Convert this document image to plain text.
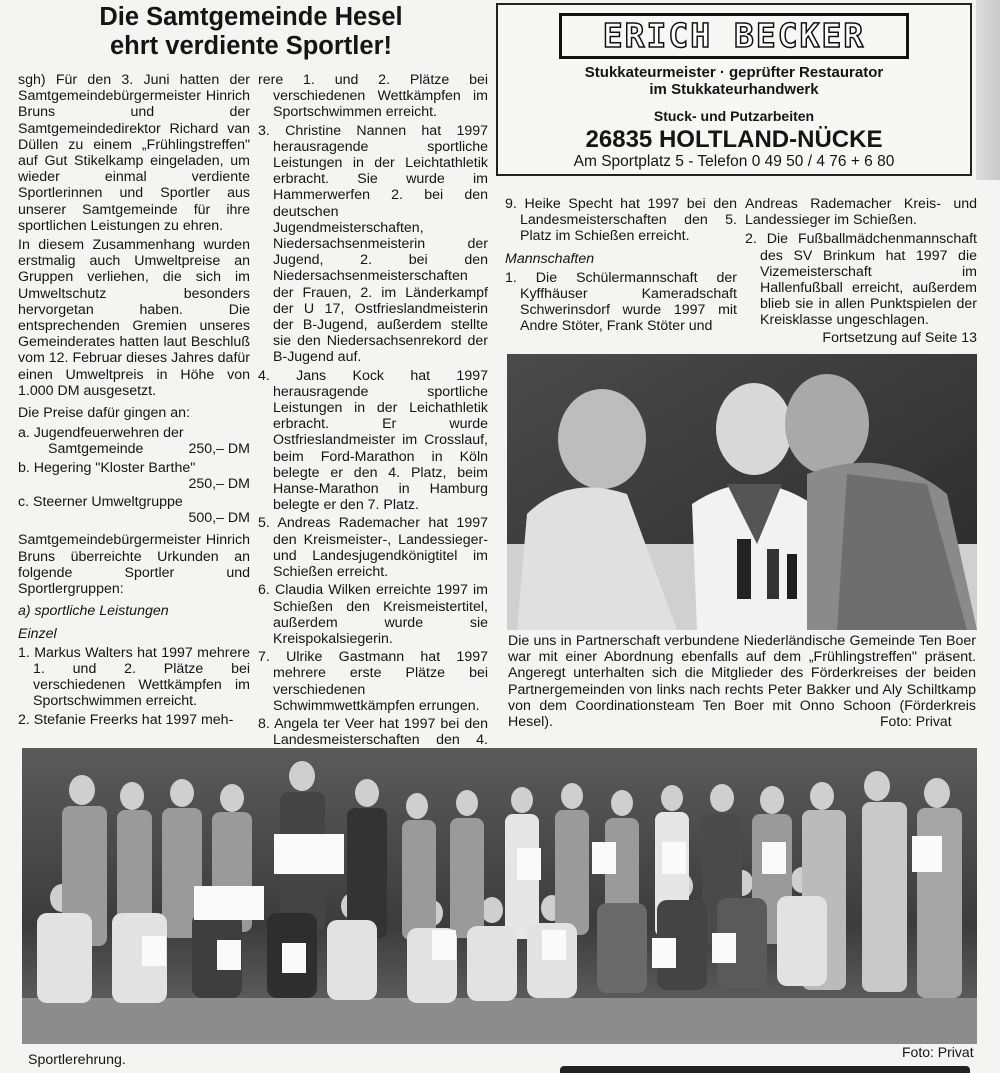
Die Samtgemeinde Hesel
ehrt verdiente Sportler!	ERICH BECKER
Stukkateurmeister · geprüfter Restaurator
im Stukkateurhandwerk
Stuck- und Putzarbeiten
26835 HOLTLAND-NÜCKE
Am Sportplatz 5 - Telefon 0 49 50 / 4 76 + 6 80

sgh) Für den 3. Juni hatten der Samtgemeindebürgermeister Hinrich Bruns und der Samtgemeindedirektor Richard van Düllen zu einem „Frühlingstreffen" auf Gut Stikelkamp eingeladen, um wieder einmal verdiente Sportlerinnen und Sportler aus unserer Samtgemeinde für ihre sportlichen Leistungen zu ehren.

In diesem Zusammenhang wurden erstmalig auch Umweltpreise an Gruppen verliehen, die sich im Umweltschutz besonders hervorgetan haben. Die entsprechenden Gremien unseres Gemeinderates hatten laut Beschluß vom 12. Februar dieses Jahres dafür einen Umweltpreis in Höhe von 1.000 DM ausgesetzt.

Die Preise dafür gingen an:

a. Jugendfeuerwehren der
Samtgemeinde	250,– DM
b. Hegering "Kloster Barthe"
250,– DM
c. Steerner Umweltgruppe
500,– DM

Samtgemeindebürgermeister Hinrich Bruns überreichte Urkunden an folgende Sportler und Sportlergruppen:

a) sportliche Leistungen

Einzel

1. Markus Walters hat 1997 mehrere 1. und 2. Plätze bei verschiedenen Wettkämpfen im Sportschwimmen erreicht.
2. Stefanie Freerks hat 1997 meh-
rere 1. und 2. Plätze bei verschiedenen Wettkämpfen im Sportschwimmen erreicht.
3. Christine Nannen hat 1997 herausragende sportliche Leistungen in der Leichtathletik erbracht. Sie wurde im Hammerwerfen 2. bei den deutschen Jugendmeisterschaften, Niedersachsenmeisterin der Jugend, 2. bei den Niedersachsenmeisterschaften der Frauen, 2. im Länderkampf der U 17, Ostfrieslandmeisterin der B-Jugend, außerdem stellte sie den Niedersachsenrekord der B-Jugend auf.
4. Jans Kock hat 1997 herausragende sportliche Leistungen in der Leichathletik erbracht. Er wurde Ostfrieslandmeister im Crosslauf, beim Ford-Marathon in Köln belegte er den 4. Platz, beim Hanse-Marathon in Hamburg belegte er den 7. Platz.
5. Andreas Rademacher hat 1997 den Kreismeister-, Landessieger- und Landesjugendkönigtitel im Schießen erreicht.
6. Claudia Wilken erreichte 1997 im Schießen den Kreismeistertitel, außerdem wurde sie Kreispokalsiegerin.
7. Ulrike Gastmann hat 1997 mehrere erste Plätze bei verschiedenen Schwimmwettkämpfen errungen.
8. Angela ter Veer hat 1997 bei den Landesmeisterschaften den 4.
9. Heike Specht hat 1997 bei den Landesmeisterschaften den 5. Platz im Schießen erreicht.

Mannschaften

1. Die Schülermannschaft der Kyffhäuser Kameradschaft Schwerinsdorf wurde 1997 mit Andre Stöter, Frank Stöter und

Andreas Rademacher Kreis- und Landessieger im Schießen.

2. Die Fußballmädchenmannschaft des SV Brinkum hat 1997 die Vizemeisterschaft im Hallenfußball erreicht, außerdem blieb sie in allen Punktspielen der Kreisklasse ungeschlagen.

Fortsetzung auf Seite 13

Die uns in Partnerschaft verbundene Niederländische Gemeinde Ten Boer war mit einer Abordnung ebenfalls auf dem „Frühlingstreffen" präsent. Angeregt unterhalten sich die Mitglieder des Förderkreises der beiden Partnergemeinden von links nach rechts Peter Bakker und Aly Schiltkamp von dem Coordinationsteam Ten Boer mit Onno Schoon (Förderkreis Hesel).	Foto: Privat
Sportlerehrung.	Foto: Privat
